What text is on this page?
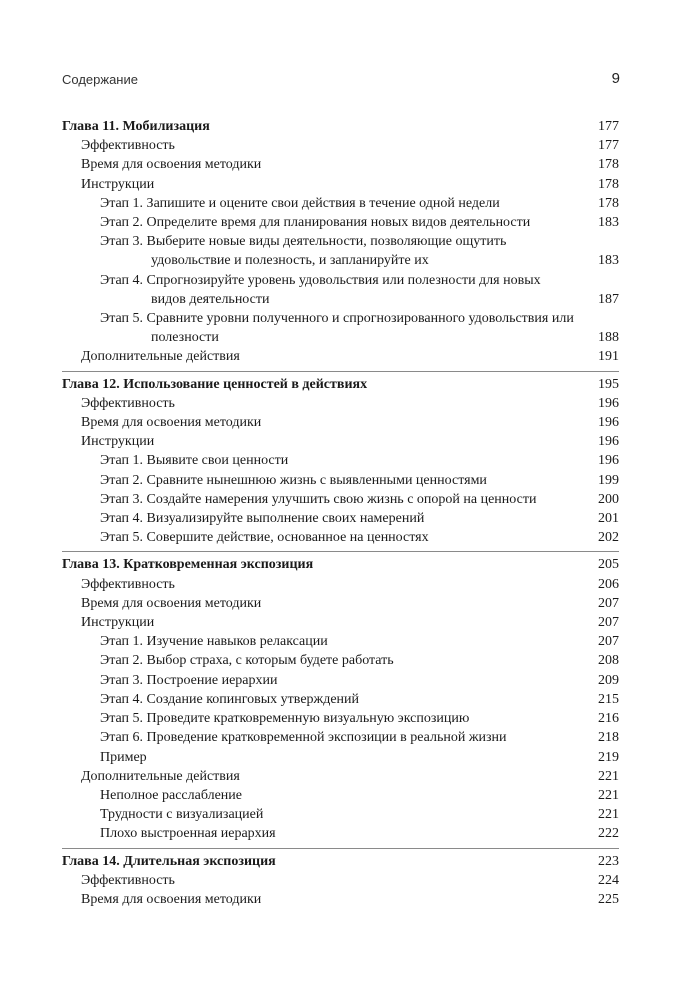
Содержание	9
Глава 11. Мобилизация	177
Эффективность	177
Время для освоения методики	178
Инструкции	178
Этап 1. Запишите и оцените свои действия в течение одной недели	178
Этап 2. Определите время для планирования новых видов деятельности	183
Этап 3. Выберите новые виды деятельности, позволяющие ощутить удовольствие и полезность, и запланируйте их	183
Этап 4. Спрогнозируйте уровень удовольствия или полезности для новых видов деятельности	187
Этап 5. Сравните уровни полученного и спрогнозированного удовольствия или полезности	188
Дополнительные действия	191
Глава 12. Использование ценностей в действиях	195
Эффективность	196
Время для освоения методики	196
Инструкции	196
Этап 1. Выявите свои ценности	196
Этап 2. Сравните нынешнюю жизнь с выявленными ценностями	199
Этап 3. Создайте намерения улучшить свою жизнь с опорой на ценности	200
Этап 4. Визуализируйте выполнение своих намерений	201
Этап 5. Совершите действие, основанное на ценностях	202
Глава 13. Кратковременная экспозиция	205
Эффективность	206
Время для освоения методики	207
Инструкции	207
Этап 1. Изучение навыков релаксации	207
Этап 2. Выбор страха, с которым будете работать	208
Этап 3. Построение иерархии	209
Этап 4. Создание копинговых утверждений	215
Этап 5. Проведите кратковременную визуальную экспозицию	216
Этап 6. Проведение кратковременной экспозиции в реальной жизни	218
Пример	219
Дополнительные действия	221
Неполное расслабление	221
Трудности с визуализацией	221
Плохо выстроенная иерархия	222
Глава 14. Длительная экспозиция	223
Эффективность	224
Время для освоения методики	225
